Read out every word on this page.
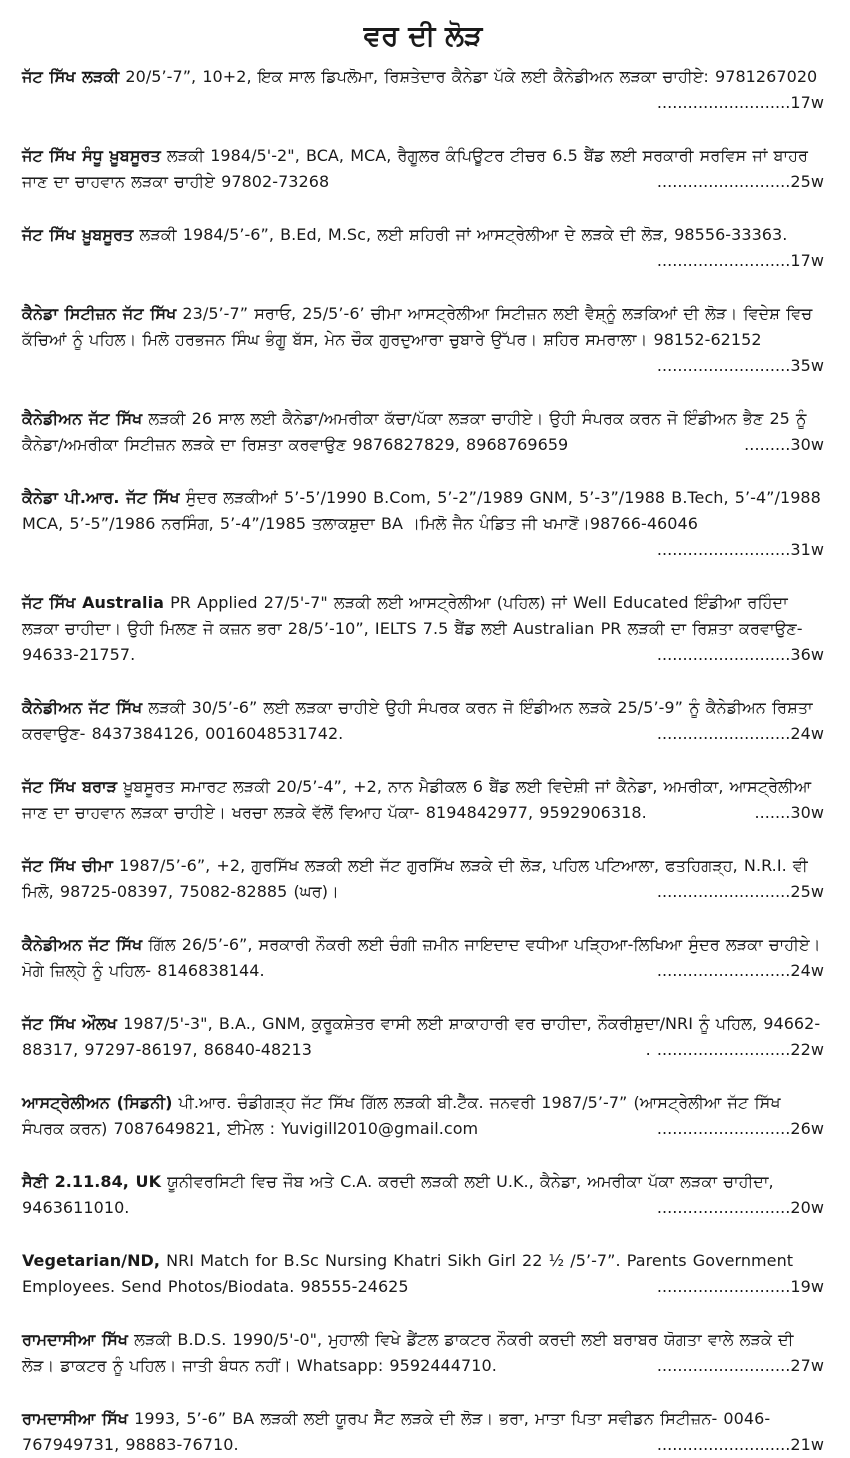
ਵਰ ਦੀ ਲੋੜ
ਜੱਟ ਸਿੱਖ ਲੜਕੀ 20/5’-7”, 10+2, ਇਕ ਸਾਲ ਡਿਪਲੋਮਾ, ਰਿਸ਼ਤੇਦਾਰ ਕੈਨੇਡਾ ਪੱਕੇ ਲਈ ਕੈਨੇਡੀਅਨ ਲੜਕਾ ਚਾਹੀਏ: 9781267020
..........................17w
ਜੱਟ ਸਿੱਖ ਸੰਧੂ ਖ਼ੂਬਸੂਰਤ ਲੜਕੀ 1984/5'-2", BCA, MCA, ਰੈਗੂਲਰ ਕੰਪਿਊਟਰ ਟੀਚਰ 6.5 ਬੈਂਡ ਲਈ ਸਰਕਾਰੀ ਸਰਵਿਸ ਜਾਂ ਬਾਹਰ ਜਾਣ ਦਾ ਚਾਹਵਾਨ ਲੜਕਾ ਚਾਹੀਏ 97802-73268	..........................25w
ਜੱਟ ਸਿੱਖ ਖ਼ੂਬਸੂਰਤ ਲੜਕੀ 1984/5’-6”, B.Ed, M.Sc, ਲਈ ਸ਼ਹਿਰੀ ਜਾਂ ਆਸਟ੍ਰੇਲੀਆ ਦੇ ਲੜਕੇ ਦੀ ਲੋੜ, 98556-33363.
..........................17w
ਕੈਨੇਡਾ ਸਿਟੀਜ਼ਨ ਜੱਟ ਸਿੱਖ 23/5’-7” ਸਰਾਓ, 25/5’-6’ ਚੀਮਾ ਆਸਟ੍ਰੇਲੀਆ ਸਿਟੀਜ਼ਨ ਲਈ ਵੈਸ਼੍ਨੂੰ ਲੜਕਿਆਂ ਦੀ ਲੋੜ। ਵਿਦੇਸ਼ ਵਿਚ ਕੱਚਿਆਂ ਨੂੰ ਪਹਿਲ। ਮਿਲੋ ਹਰਭਜਨ ਸਿੰਘ ਭੰਗੂ ਬੱਸ, ਮੇਨ ਚੌਕ ਗੁਰਦੁਆਰਾ ਚੁਬਾਰੇ ਉੱਪਰ। ਸ਼ਹਿਰ ਸਮਰਾਲਾ। 98152-62152
..........................35w
ਕੈਨੇਡੀਅਨ ਜੱਟ ਸਿੱਖ ਲੜਕੀ 26 ਸਾਲ ਲਈ ਕੈਨੇਡਾ/ਅਮਰੀਕਾ ਕੱਚਾ/ਪੱਕਾ ਲੜਕਾ ਚਾਹੀਏ। ਉਹੀ ਸੰਪਰਕ ਕਰਨ ਜੋ ਇੰਡੀਅਨ ਭੈਣ 25 ਨੂੰ ਕੈਨੇਡਾ/ਅਮਰੀਕਾ ਸਿਟੀਜ਼ਨ ਲੜਕੇ ਦਾ ਰਿਸ਼ਤਾ ਕਰਵਾਉਣ 9876827829, 8968769659	.........30w
ਕੈਨੇਡਾ ਪੀ.ਆਰ. ਜੱਟ ਸਿੱਖ ਸੁੰਦਰ ਲੜਕੀਆਂ 5’-5’/1990 B.Com, 5’-2”/1989 GNM, 5’-3”/1988 B.Tech, 5’-4”/1988 MCA, 5’-5”/1986 ਨਰਸਿੰਗ, 5’-4”/1985 ਤਲਾਕਸ਼ੁਦਾ BA ।ਮਿਲੋ ਜੈਨ ਪੰਡਿਤ ਜੀ ਖਮਾਣੋਂ।98766-46046
..........................31w
ਜੱਟ ਸਿੱਖ Australia PR Applied 27/5'-7" ਲੜਕੀ ਲਈ ਆਸਟ੍ਰੇਲੀਆ (ਪਹਿਲ) ਜਾਂ Well Educated ਇੰਡੀਆ ਰਹਿੰਦਾ ਲੜਕਾ ਚਾਹੀਦਾ। ਉਹੀ ਮਿਲਣ ਜੋ ਕਜ਼ਨ ਭਰਾ 28/5’-10”, IELTS 7.5 ਬੈਂਡ ਲਈ Australian PR ਲੜਕੀ ਦਾ ਰਿਸ਼ਤਾ ਕਰਵਾਉਣ- 94633-21757.	..........................36w
ਕੈਨੇਡੀਅਨ ਜੱਟ ਸਿੱਖ ਲੜਕੀ 30/5’-6” ਲਈ ਲੜਕਾ ਚਾਹੀਏ ਉਹੀ ਸੰਪਰਕ ਕਰਨ ਜੋ ਇੰਡੀਅਨ ਲੜਕੇ 25/5’-9” ਨੂੰ ਕੈਨੇਡੀਅਨ ਰਿਸ਼ਤਾ ਕਰਵਾਉਣ- 8437384126, 0016048531742.	..........................24w
ਜੱਟ ਸਿੱਖ ਬਰਾੜ ਖ਼ੂਬਸੂਰਤ ਸਮਾਰਟ ਲੜਕੀ 20/5’-4”, +2, ਨਾਨ ਮੈਡੀਕਲ 6 ਬੈਂਡ ਲਈ ਵਿਦੇਸ਼ੀ ਜਾਂ ਕੈਨੇਡਾ, ਅਮਰੀਕਾ, ਆਸਟ੍ਰੇਲੀਆ ਜਾਣ ਦਾ ਚਾਹਵਾਨ ਲੜਕਾ ਚਾਹੀਏ। ਖਰਚਾ ਲੜਕੇ ਵੱਲੋਂ ਵਿਆਹ ਪੱਕਾ- 8194842977, 9592906318.	.......30w
ਜੱਟ ਸਿੱਖ ਚੀਮਾ 1987/5’-6”, +2, ਗੁਰਸਿੱਖ ਲੜਕੀ ਲਈ ਜੱਟ ਗੁਰਸਿੱਖ ਲੜਕੇ ਦੀ ਲੋੜ, ਪਹਿਲ ਪਟਿਆਲਾ, ਫਤਹਿਗੜ੍ਹ, N.R.I. ਵੀ ਮਿਲੋ, 98725-08397, 75082-82885 (ਘਰ)।	..........................25w
ਕੈਨੇਡੀਅਨ ਜੱਟ ਸਿੱਖ ਗਿੱਲ 26/5’-6”, ਸਰਕਾਰੀ ਨੌਕਰੀ ਲਈ ਚੰਗੀ ਜ਼ਮੀਨ ਜਾਇਦਾਦ ਵਧੀਆ ਪੜ੍ਹਿਆ-ਲਿਖਿਆ ਸੁੰਦਰ ਲੜਕਾ ਚਾਹੀਏ। ਮੋਗੇ ਜ਼ਿਲ੍ਹੇ ਨੂੰ ਪਹਿਲ- 8146838144.	..........................24w
ਜੱਟ ਸਿੱਖ ਔਲਖ 1987/5'-3", B.A., GNM, ਕੁਰੂਕਸ਼ੇਤਰ ਵਾਸੀ ਲਈ ਸ਼ਾਕਾਹਾਰੀ ਵਰ ਚਾਹੀਦਾ, ਨੌਕਰੀਸ਼ੁਦਾ/NRI ਨੂੰ ਪਹਿਲ, 94662-88317, 97297-86197, 86840-48213	. ..........................22w
ਆਸਟ੍ਰੇਲੀਅਨ (ਸਿਡਨੀ) ਪੀ.ਆਰ. ਚੰਡੀਗੜ੍ਹ ਜੱਟ ਸਿੱਖ ਗਿੱਲ ਲੜਕੀ ਬੀ.ਟੈੱਕ. ਜਨਵਰੀ 1987/5’-7” (ਆਸਟ੍ਰੇਲੀਆ ਜੱਟ ਸਿੱਖ ਸੰਪਰਕ ਕਰਨ) 7087649821, ਈਮੇਲ : Yuvigill2010@gmail.com	..........................26w
ਸੈਣੀ 2.11.84, UK ਯੂਨੀਵਰਸਿਟੀ ਵਿਚ ਜੌਬ ਅਤੇ C.A. ਕਰਦੀ ਲੜਕੀ ਲਈ U.K., ਕੈਨੇਡਾ, ਅਮਰੀਕਾ ਪੱਕਾ ਲੜਕਾ ਚਾਹੀਦਾ, 9463611010.	..........................20w
Vegetarian/ND, NRI Match for B.Sc Nursing Khatri Sikh Girl 22 ½ /5’-7”. Parents Government Employees. Send Photos/Biodata. 98555-24625	..........................19w
ਰਾਮਦਾਸੀਆ ਸਿੱਖ ਲੜਕੀ B.D.S. 1990/5'-0", ਮੁਹਾਲੀ ਵਿਖੇ ਡੈਂਟਲ ਡਾਕਟਰ ਨੌਕਰੀ ਕਰਦੀ ਲਈ ਬਰਾਬਰ ਯੋਗਤਾ ਵਾਲੇ ਲੜਕੇ ਦੀ ਲੋੜ। ਡਾਕਟਰ ਨੂੰ ਪਹਿਲ। ਜਾਤੀ ਬੰਧਨ ਨਹੀਂ। Whatsapp: 9592444710.	..........................27w
ਰਾਮਦਾਸੀਆ ਸਿੱਖ 1993, 5’-6” BA ਲੜਕੀ ਲਈ ਯੂਰਪ ਸੈੱਟ ਲੜਕੇ ਦੀ ਲੋੜ। ਭਰਾ, ਮਾਤਾ ਪਿਤਾ ਸਵੀਡਨ ਸਿਟੀਜ਼ਨ- 0046-767949731, 98883-76710.	..........................21w
